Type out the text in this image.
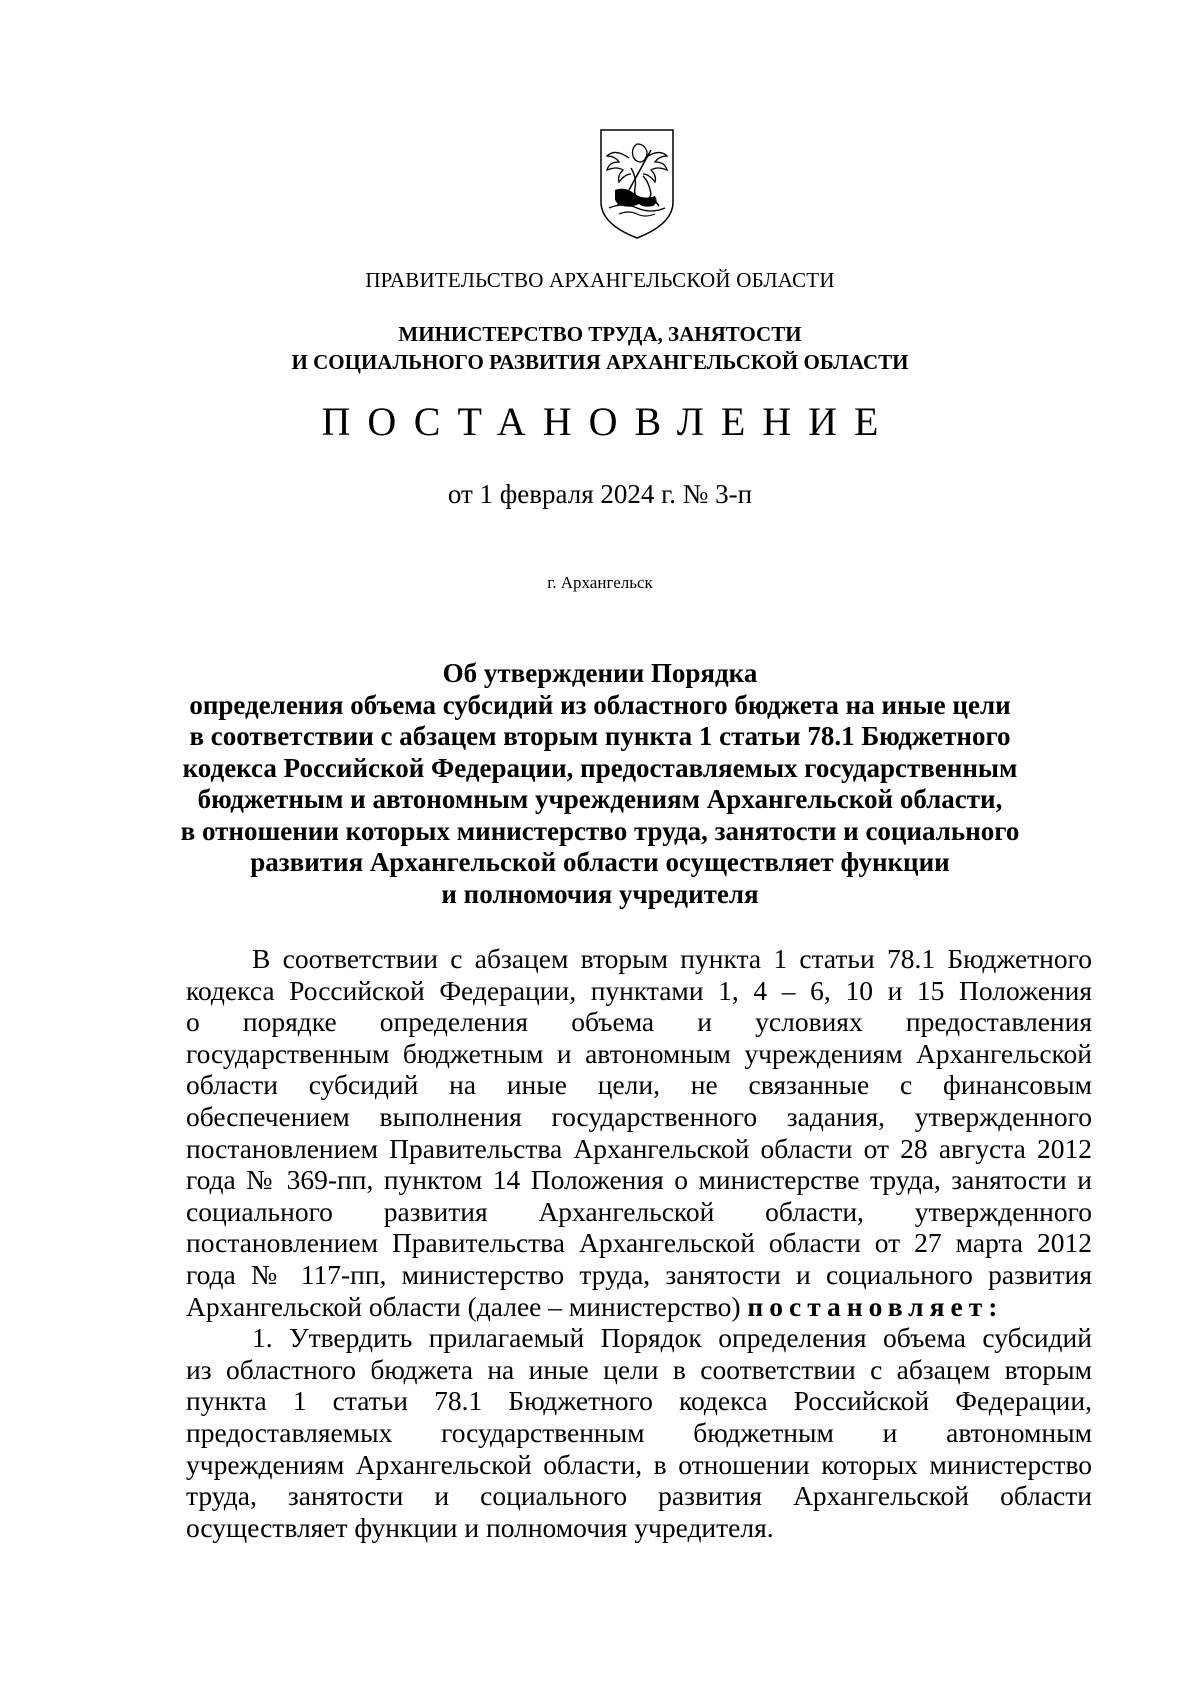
ПРАВИТЕЛЬСТВО АРХАНГЕЛЬСКОЙ ОБЛАСТИ
МИНИСТЕРСТВО ТРУДА, ЗАНЯТОСТИ
И СОЦИАЛЬНОГО РАЗВИТИЯ АРХАНГЕЛЬСКОЙ ОБЛАСТИ
ПОСТАНОВЛЕНИЕ
от 1 февраля 2024 г. № 3-п
г. Архангельск
Об утверждении Порядка
определения объема субсидий из областного бюджета на иные цели
в соответствии с абзацем вторым пункта 1 статьи 78.1 Бюджетного
кодекса Российской Федерации, предоставляемых государственным
бюджетным и автономным учреждениям Архангельской области,
в отношении которых министерство труда, занятости и социального
развития Архангельской области осуществляет функции
и полномочия учредителя
В соответствии с абзацем вторым пункта 1 статьи 78.1 Бюджетного
кодекса Российской Федерации, пунктами 1, 4 – 6, 10 и 15 Положения
о порядке определения объема и условиях предоставления
государственным бюджетным и автономным учреждениям Архангельской
области субсидий на иные цели, не связанные с финансовым
обеспечением выполнения государственного задания, утвержденного
постановлением Правительства Архангельской области от 28 августа 2012
года № 369-пп, пунктом 14 Положения о министерстве труда, занятости и
социального развития Архангельской области, утвержденного
постановлением Правительства Архангельской области от 27 марта 2012
года № 117-пп, министерство труда, занятости и социального развития
Архангельской области (далее – министерство) постановляет:
1. Утвердить прилагаемый Порядок определения объема субсидий
из областного бюджета на иные цели в соответствии с абзацем вторым
пункта 1 статьи 78.1 Бюджетного кодекса Российской Федерации,
предоставляемых государственным бюджетным и автономным
учреждениям Архангельской области, в отношении которых министерство
труда, занятости и социального развития Архангельской области
осуществляет функции и полномочия учредителя.
